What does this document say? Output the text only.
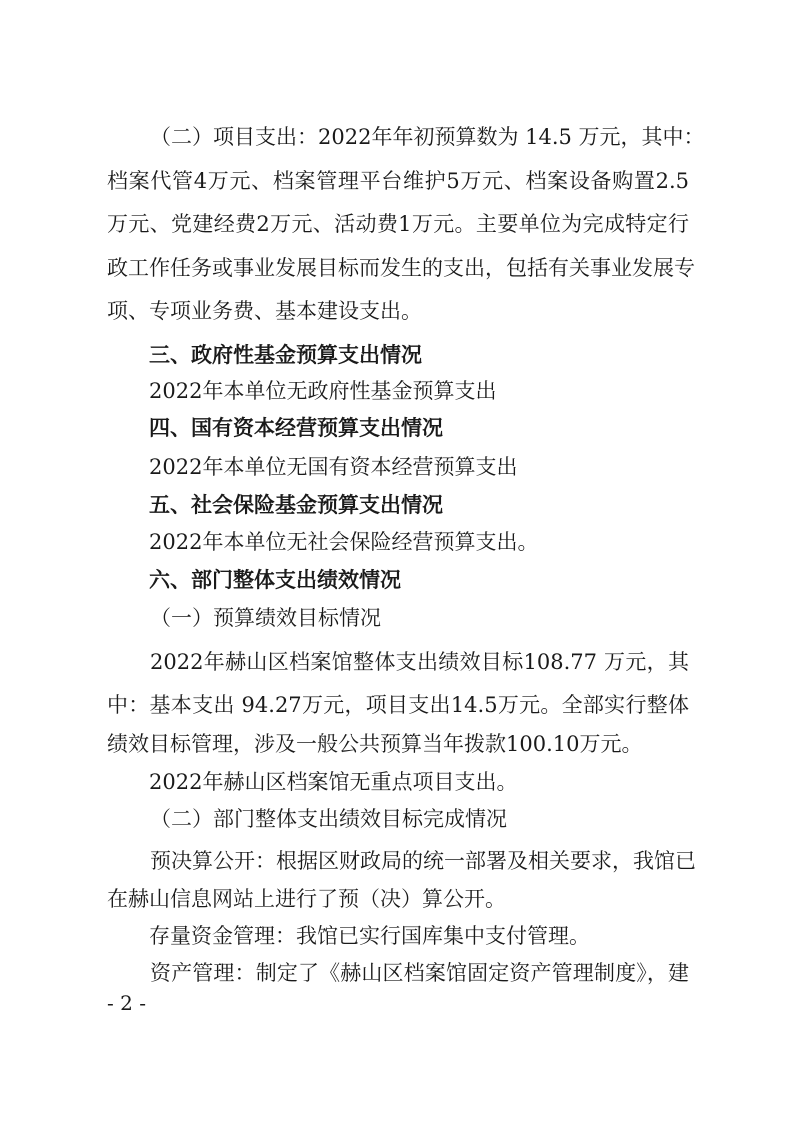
（二）项目支出：2022年年初预算数为 14.5 万元，其中：
档案代管4万元、档案管理平台维护5万元、档案设备购置2.5
万元、党建经费2万元、活动费1万元。主要单位为完成特定行
政工作任务或事业发展目标而发生的支出，包括有关事业发展专
项、专项业务费、基本建设支出。
三、政府性基金预算支出情况
2022年本单位无政府性基金预算支出
四、国有资本经营预算支出情况
2022年本单位无国有资本经营预算支出
五、社会保险基金预算支出情况
2022年本单位无社会保险经营预算支出。
六、部门整体支出绩效情况
（一）预算绩效目标情况
2022年赫山区档案馆整体支出绩效目标108.77 万元，其
中：基本支出 94.27万元，项目支出14.5万元。全部实行整体
绩效目标管理，涉及一般公共预算当年拨款100.10万元。
2022年赫山区档案馆无重点项目支出。
（二）部门整体支出绩效目标完成情况
预决算公开：根据区财政局的统一部署及相关要求，我馆已
在赫山信息网站上进行了预（决）算公开。
存量资金管理：我馆已实行国库集中支付管理。
资产管理：制定了《赫山区档案馆固定资产管理制度》，建
- 2 -
